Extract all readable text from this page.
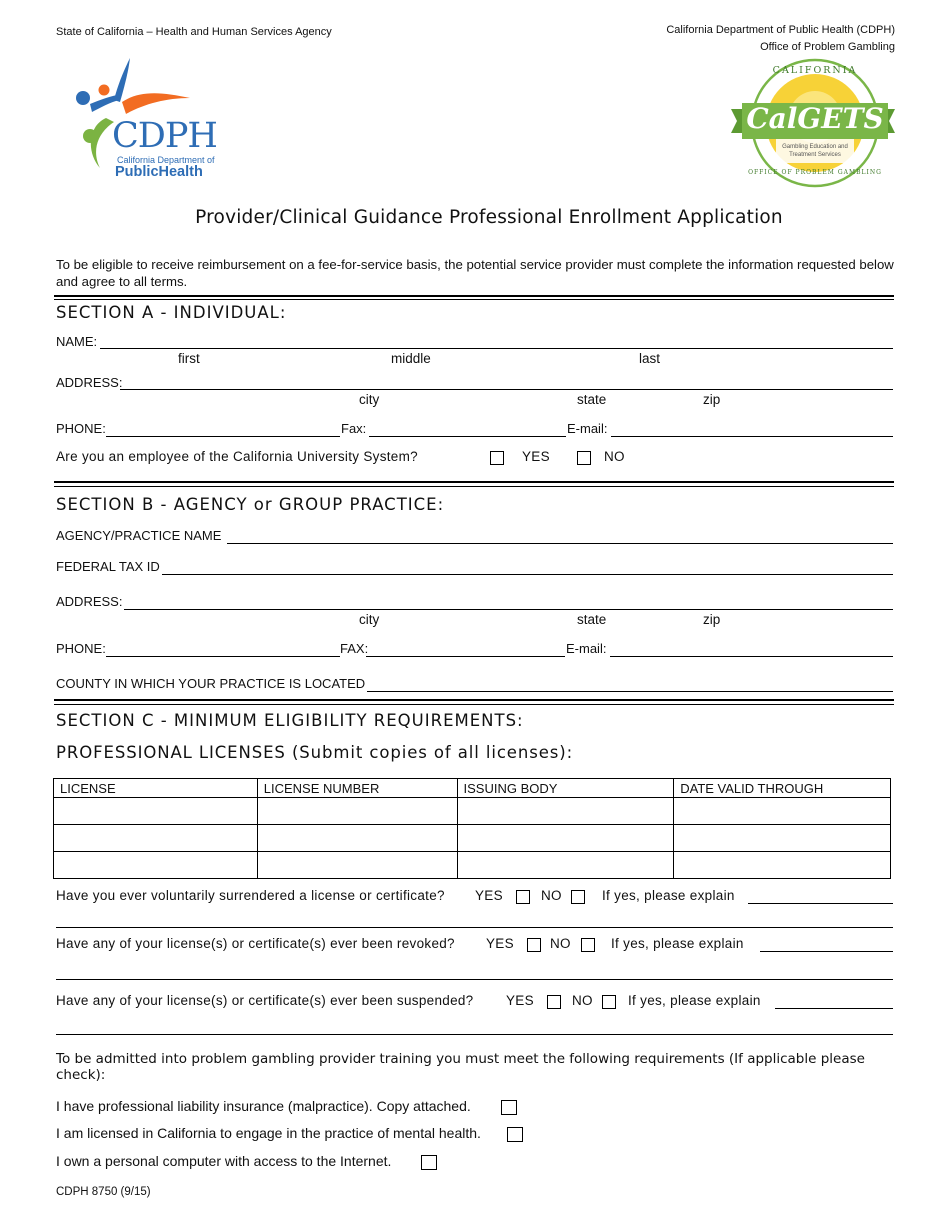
State of California – Health and Human Services Agency	California Department of Public Health (CDPH)
Office of Problem Gambling
CDPH
California Department of
PublicHealth
CALIFORNIA
CalGETS
Gambling Education and
Treatment Services
OFFICE OF PROBLEM GAMBLING
Provider/Clinical Guidance Professional Enrollment Application
To be eligible to receive reimbursement on a fee-for-service basis, the potential service provider must complete the information requested below and agree to all terms.
SECTION A - INDIVIDUAL:
NAME:
first	middle	last
ADDRESS:
city	state	zip
PHONE:	Fax:	E-mail:
Are you an employee of the California University System?	YES	NO
SECTION B - AGENCY or GROUP PRACTICE:
AGENCY/PRACTICE NAME
FEDERAL TAX ID
ADDRESS:
city	state	zip
PHONE:	FAX:	E-mail:
COUNTY IN WHICH YOUR PRACTICE IS LOCATED
SECTION C - MINIMUM ELIGIBILITY REQUIREMENTS:
PROFESSIONAL LICENSES (Submit copies of all licenses):
LICENSE	LICENSE NUMBER	ISSUING BODY	DATE VALID THROUGH

Have you ever voluntarily surrendered a license or certificate? YES	NO	If yes, please explain
Have any of your license(s) or certificate(s) ever been revoked? YES	NO	If yes, please explain
Have any of your license(s) or certificate(s) ever been suspended? YES	NO	If yes, please explain
To be admitted into problem gambling provider training you must meet the following requirements (If applicable please check):
I have professional liability insurance (malpractice). Copy attached.
I am licensed in California to engage in the practice of mental health.
I own a personal computer with access to the Internet.
CDPH 8750 (9/15)
